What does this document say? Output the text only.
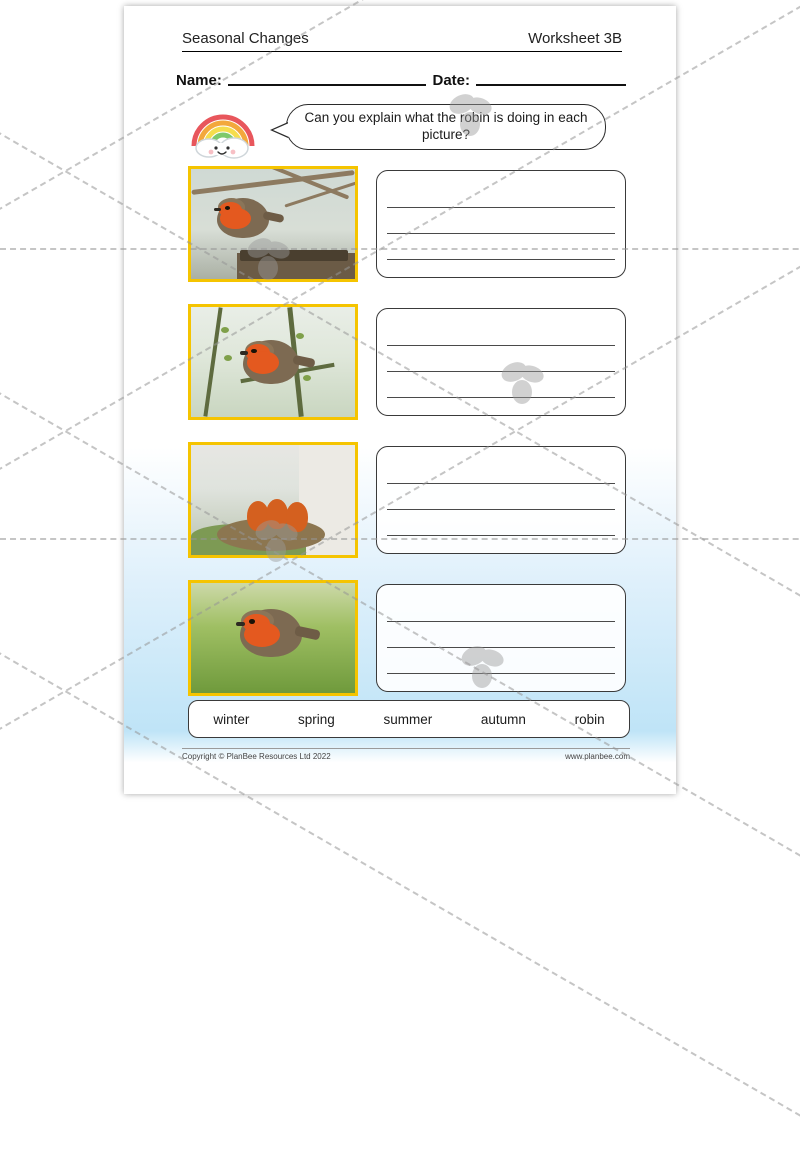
Seasonal Changes	Worksheet 3B
Name:	Date:
Can you explain what the robin is doing in each picture?
winter	spring	summer	autumn	robin
Copyright © PlanBee Resources Ltd 2022	www.planbee.com
